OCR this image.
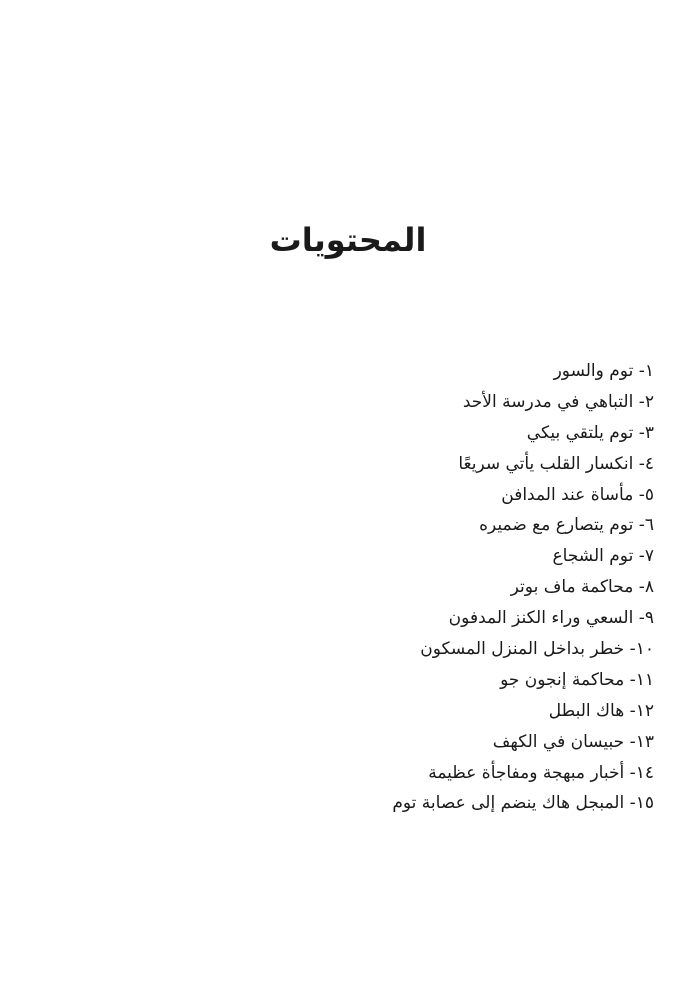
المحتويات
١- توم والسور
٢- التباهي في مدرسة الأحد
٣- توم يلتقي بيكي
٤- انكسار القلب يأتي سريعًا
٥- مأساة عند المدافن
٦- توم يتصارع مع ضميره
٧- توم الشجاع
٨- محاكمة ماف بوتر
٩- السعي وراء الكنز المدفون
١٠- خطر بداخل المنزل المسكون
١١- محاكمة إنجون جو
١٢- هاك البطل
١٣- حبيسان في الكهف
١٤- أخبار مبهجة ومفاجأة عظيمة
١٥- المبجل هاك ينضم إلى عصابة توم
